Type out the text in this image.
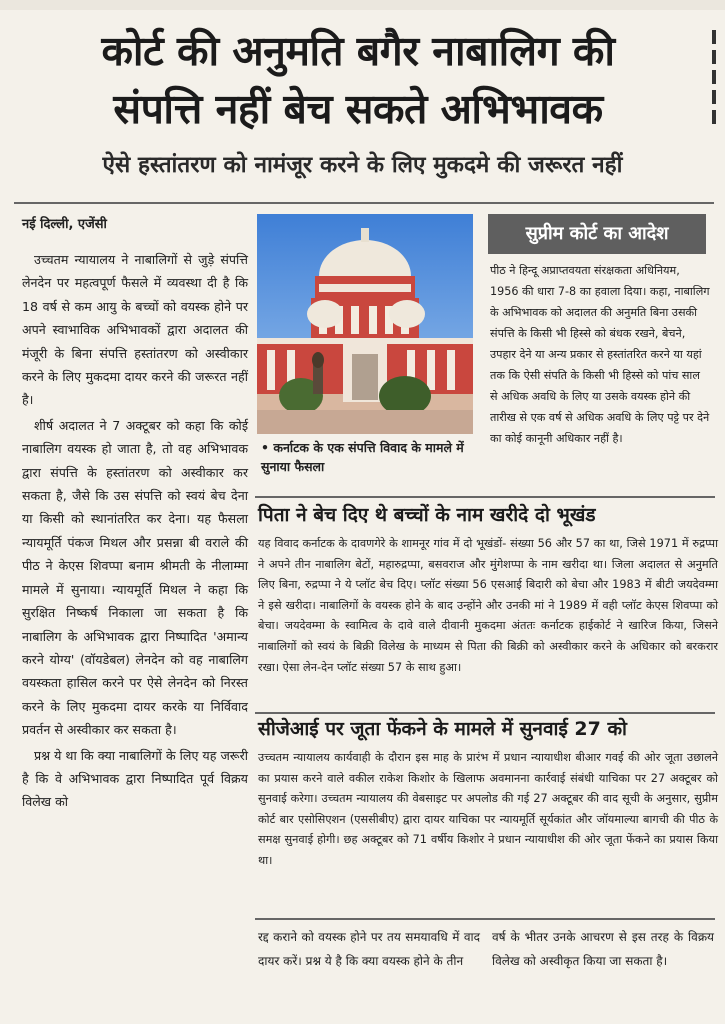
कोर्ट की अनुमति बगैर नाबालिग की
संपत्ति नहीं बेच सकते अभिभावक
ऐसे हस्तांतरण को नामंजूर करने के लिए मुकदमे की जरूरत नहीं
नई दिल्ली, एजेंसी

उच्चतम न्यायालय ने नाबालिगों से जुड़े संपत्ति लेनदेन पर महत्वपूर्ण फैसले में व्यवस्था दी है कि 18 वर्ष से कम आयु के बच्चों को वयस्क होने पर अपने स्वाभाविक अभिभावकों द्वारा अदालत की मंजूरी के बिना संपत्ति हस्तांतरण को अस्वीकार करने के लिए मुकदमा दायर करने की जरूरत नहीं है।

शीर्ष अदालत ने 7 अक्टूबर को कहा कि कोई नाबालिग वयस्क हो जाता है, तो वह अभिभावक द्वारा संपत्ति के हस्तांतरण को अस्वीकार कर सकता है, जैसे कि उस संपत्ति को स्वयं बेच देना या किसी को स्थानांतरित कर देना। यह फैसला न्यायमूर्ति पंकज मिथल और प्रसन्ना बी वराले की पीठ ने केएस शिवप्पा बनाम श्रीमती के नीलाम्मा मामले में सुनाया। न्यायमूर्ति मिथल ने कहा कि सुरक्षित निष्कर्ष निकाला जा सकता है कि नाबालिग के अभिभावक द्वारा निष्पादित 'अमान्य करने योग्य' (वॉयडेबल) लेनदेन को वह नाबालिग वयस्कता हासिल करने पर ऐसे लेनदेन को निरस्त करने के लिए मुकदमा दायर करके या निर्विवाद प्रवर्तन से अस्वीकार कर सकता है।

प्रश्न ये था कि क्या नाबालिगों के लिए यह जरूरी है कि वे अभिभावक द्वारा निष्पादित पूर्व विक्रय विलेख को

• कर्नाटक के एक संपत्ति विवाद के मामले में सुनाया फैसला
सुप्रीम कोर्ट का आदेश
पीठ ने हिन्दू अप्राप्तवयता संरक्षकता अधिनियम, 1956 की धारा 7-8 का हवाला दिया। कहा, नाबालिग के अभिभावक को अदालत की अनुमति बिना उसकी संपत्ति के किसी भी हिस्से को बंधक रखने, बेचने, उपहार देने या अन्य प्रकार से हस्तांतरित करने या यहां तक कि ऐसी संपति के किसी भी हिस्से को पांच साल से अधिक अवधि के लिए या उसके वयस्क होने की तारीख से एक वर्ष से अधिक अवधि के लिए पट्टे पर देने का कोई कानूनी अधिकार नहीं है।
पिता ने बेच दिए थे बच्चों के नाम खरीदे दो भूखंड
यह विवाद कर्नाटक के दावणगेरे के शामनूर गांव में दो भूखंडों- संख्या 56 और 57 का था, जिसे 1971 में रुद्रप्पा ने अपने तीन नाबालिग बेटों, महारुद्रप्पा, बसवराज और मुंगेशप्पा के नाम खरीदा था। जिला अदालत से अनुमति लिए बिना, रुद्रप्पा ने ये प्लॉट बेच दिए। प्लॉट संख्या 56 एसआई बिदारी को बेचा और 1983 में बीटी जयदेवम्मा ने इसे खरीदा। नाबालिगों के वयस्क होने के बाद उन्होंने और उनकी मां ने 1989 में वही प्लॉट केएस शिवप्पा को बेचा। जयदेवम्मा के स्वामित्व के दावे वाले दीवानी मुकदमा अंततः कर्नाटक हाईकोर्ट ने खारिज किया, जिसने नाबालिगों को स्वयं के बिक्री विलेख के माध्यम से पिता की बिक्री को अस्वीकार करने के अधिकार को बरकरार रखा। ऐसा लेन-देन प्लॉट संख्या 57 के साथ हुआ।
सीजेआई पर जूता फेंकने के मामले में सुनवाई 27 को
उच्चतम न्यायालय कार्यवाही के दौरान इस माह के प्रारंभ में प्रधान न्यायाधीश बीआर गवई की ओर जूता उछालने का प्रयास करने वाले वकील राकेश किशोर के खिलाफ अवमानना कार्रवाई संबंधी याचिका पर 27 अक्टूबर को सुनवाई करेगा। उच्चतम न्यायालय की वेबसाइट पर अपलोड की गई 27 अक्टूबर की वाद सूची के अनुसार, सुप्रीम कोर्ट बार एसोसिएशन (एससीबीए) द्वारा दायर याचिका पर न्यायमूर्ति सूर्यकांत और जॉयमाल्या बागची की पीठ के समक्ष सुनवाई होगी। छह अक्टूबर को 71 वर्षीय किशोर ने प्रधान न्यायाधीश की ओर जूता फेंकने का प्रयास किया था।
रद्द कराने को वयस्क होने पर तय समयावधि में वाद दायर करें। प्रश्न ये है कि क्या वयस्क होने के तीन
वर्ष के भीतर उनके आचरण से इस तरह के विक्रय विलेख को अस्वीकृत किया जा सकता है।
